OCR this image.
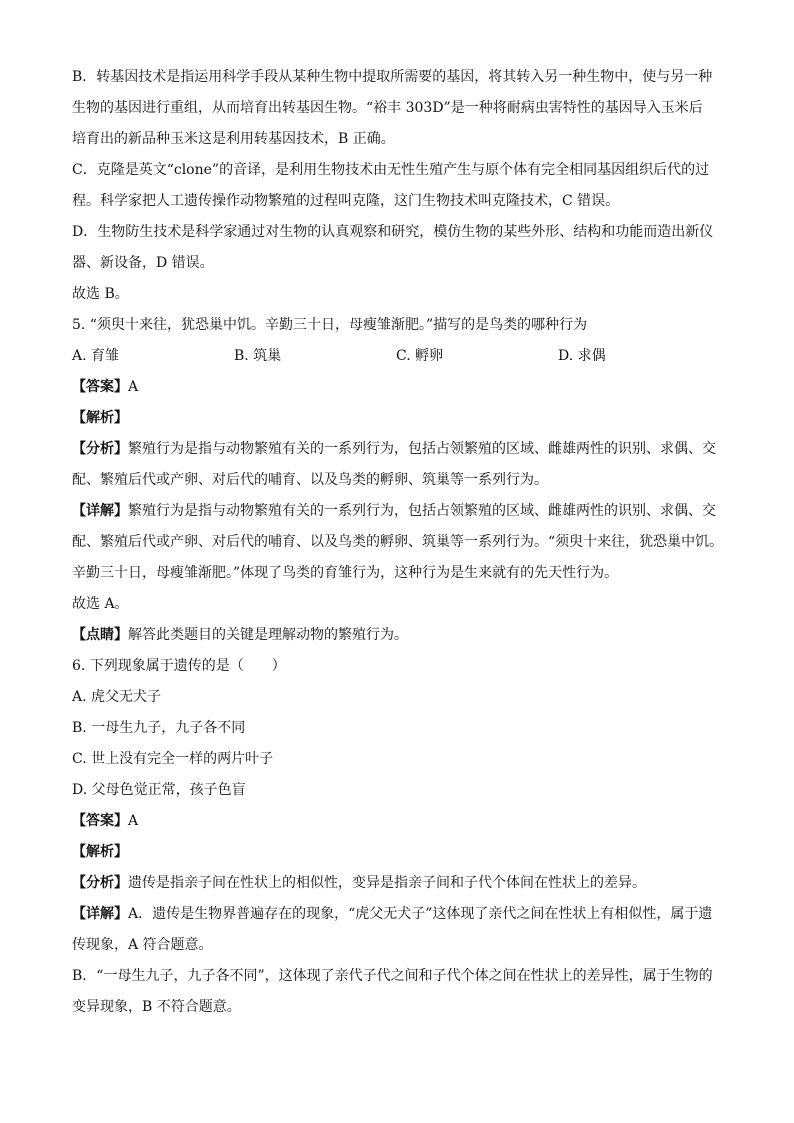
B．转基因技术是指运用科学手段从某种生物中提取所需要的基因，将其转入另一种生物中，使与另一种
生物的基因进行重组，从而培育出转基因生物。“裕丰 303D”是一种将耐病虫害特性的基因导入玉米后
培育出的新品种玉米这是利用转基因技术，B 正确。
C．克隆是英文“clone”的音译，是利用生物技术由无性生殖产生与原个体有完全相同基因组织后代的过
程。科学家把人工遗传操作动物繁殖的过程叫克隆，这门生物技术叫克隆技术，C 错误。
D．生物防生技术是科学家通过对生物的认真观察和研究，模仿生物的某些外形、结构和功能而造出新仪
器、新设备，D 错误。
故选 B。
5. “须臾十来往，犹恐巢中饥。辛勤三十日，母瘦雏渐肥。”描写的是鸟类的哪种行为
A. 育雏	B. 筑巢	C. 孵卵	D. 求偶
【答案】A
【解析】
【分析】繁殖行为是指与动物繁殖有关的一系列行为，包括占领繁殖的区域、雌雄两性的识别、求偶、交
配、繁殖后代或产卵、对后代的哺育、以及鸟类的孵卵、筑巢等一系列行为。
【详解】繁殖行为是指与动物繁殖有关的一系列行为，包括占领繁殖的区域、雌雄两性的识别、求偶、交
配、繁殖后代或产卵、对后代的哺育、以及鸟类的孵卵、筑巢等一系列行为。“须臾十来往，犹恐巢中饥。
辛勤三十日，母瘦雏渐肥。”体现了鸟类的育雏行为，这种行为是生来就有的先天性行为。
故选 A。
【点睛】解答此类题目的关键是理解动物的繁殖行为。
6. 下列现象属于遗传的是（　　）
A. 虎父无犬子
B. 一母生九子，九子各不同
C. 世上没有完全一样的两片叶子
D. 父母色觉正常，孩子色盲
【答案】A
【解析】
【分析】遗传是指亲子间在性状上的相似性，变异是指亲子间和子代个体间在性状上的差异。
【详解】A．遗传是生物界普遍存在的现象，“虎父无犬子”这体现了亲代之间在性状上有相似性，属于遗
传现象，A 符合题意。
B．“一母生九子，九子各不同”，这体现了亲代子代之间和子代个体之间在性状上的差异性，属于生物的
变异现象，B 不符合题意。
